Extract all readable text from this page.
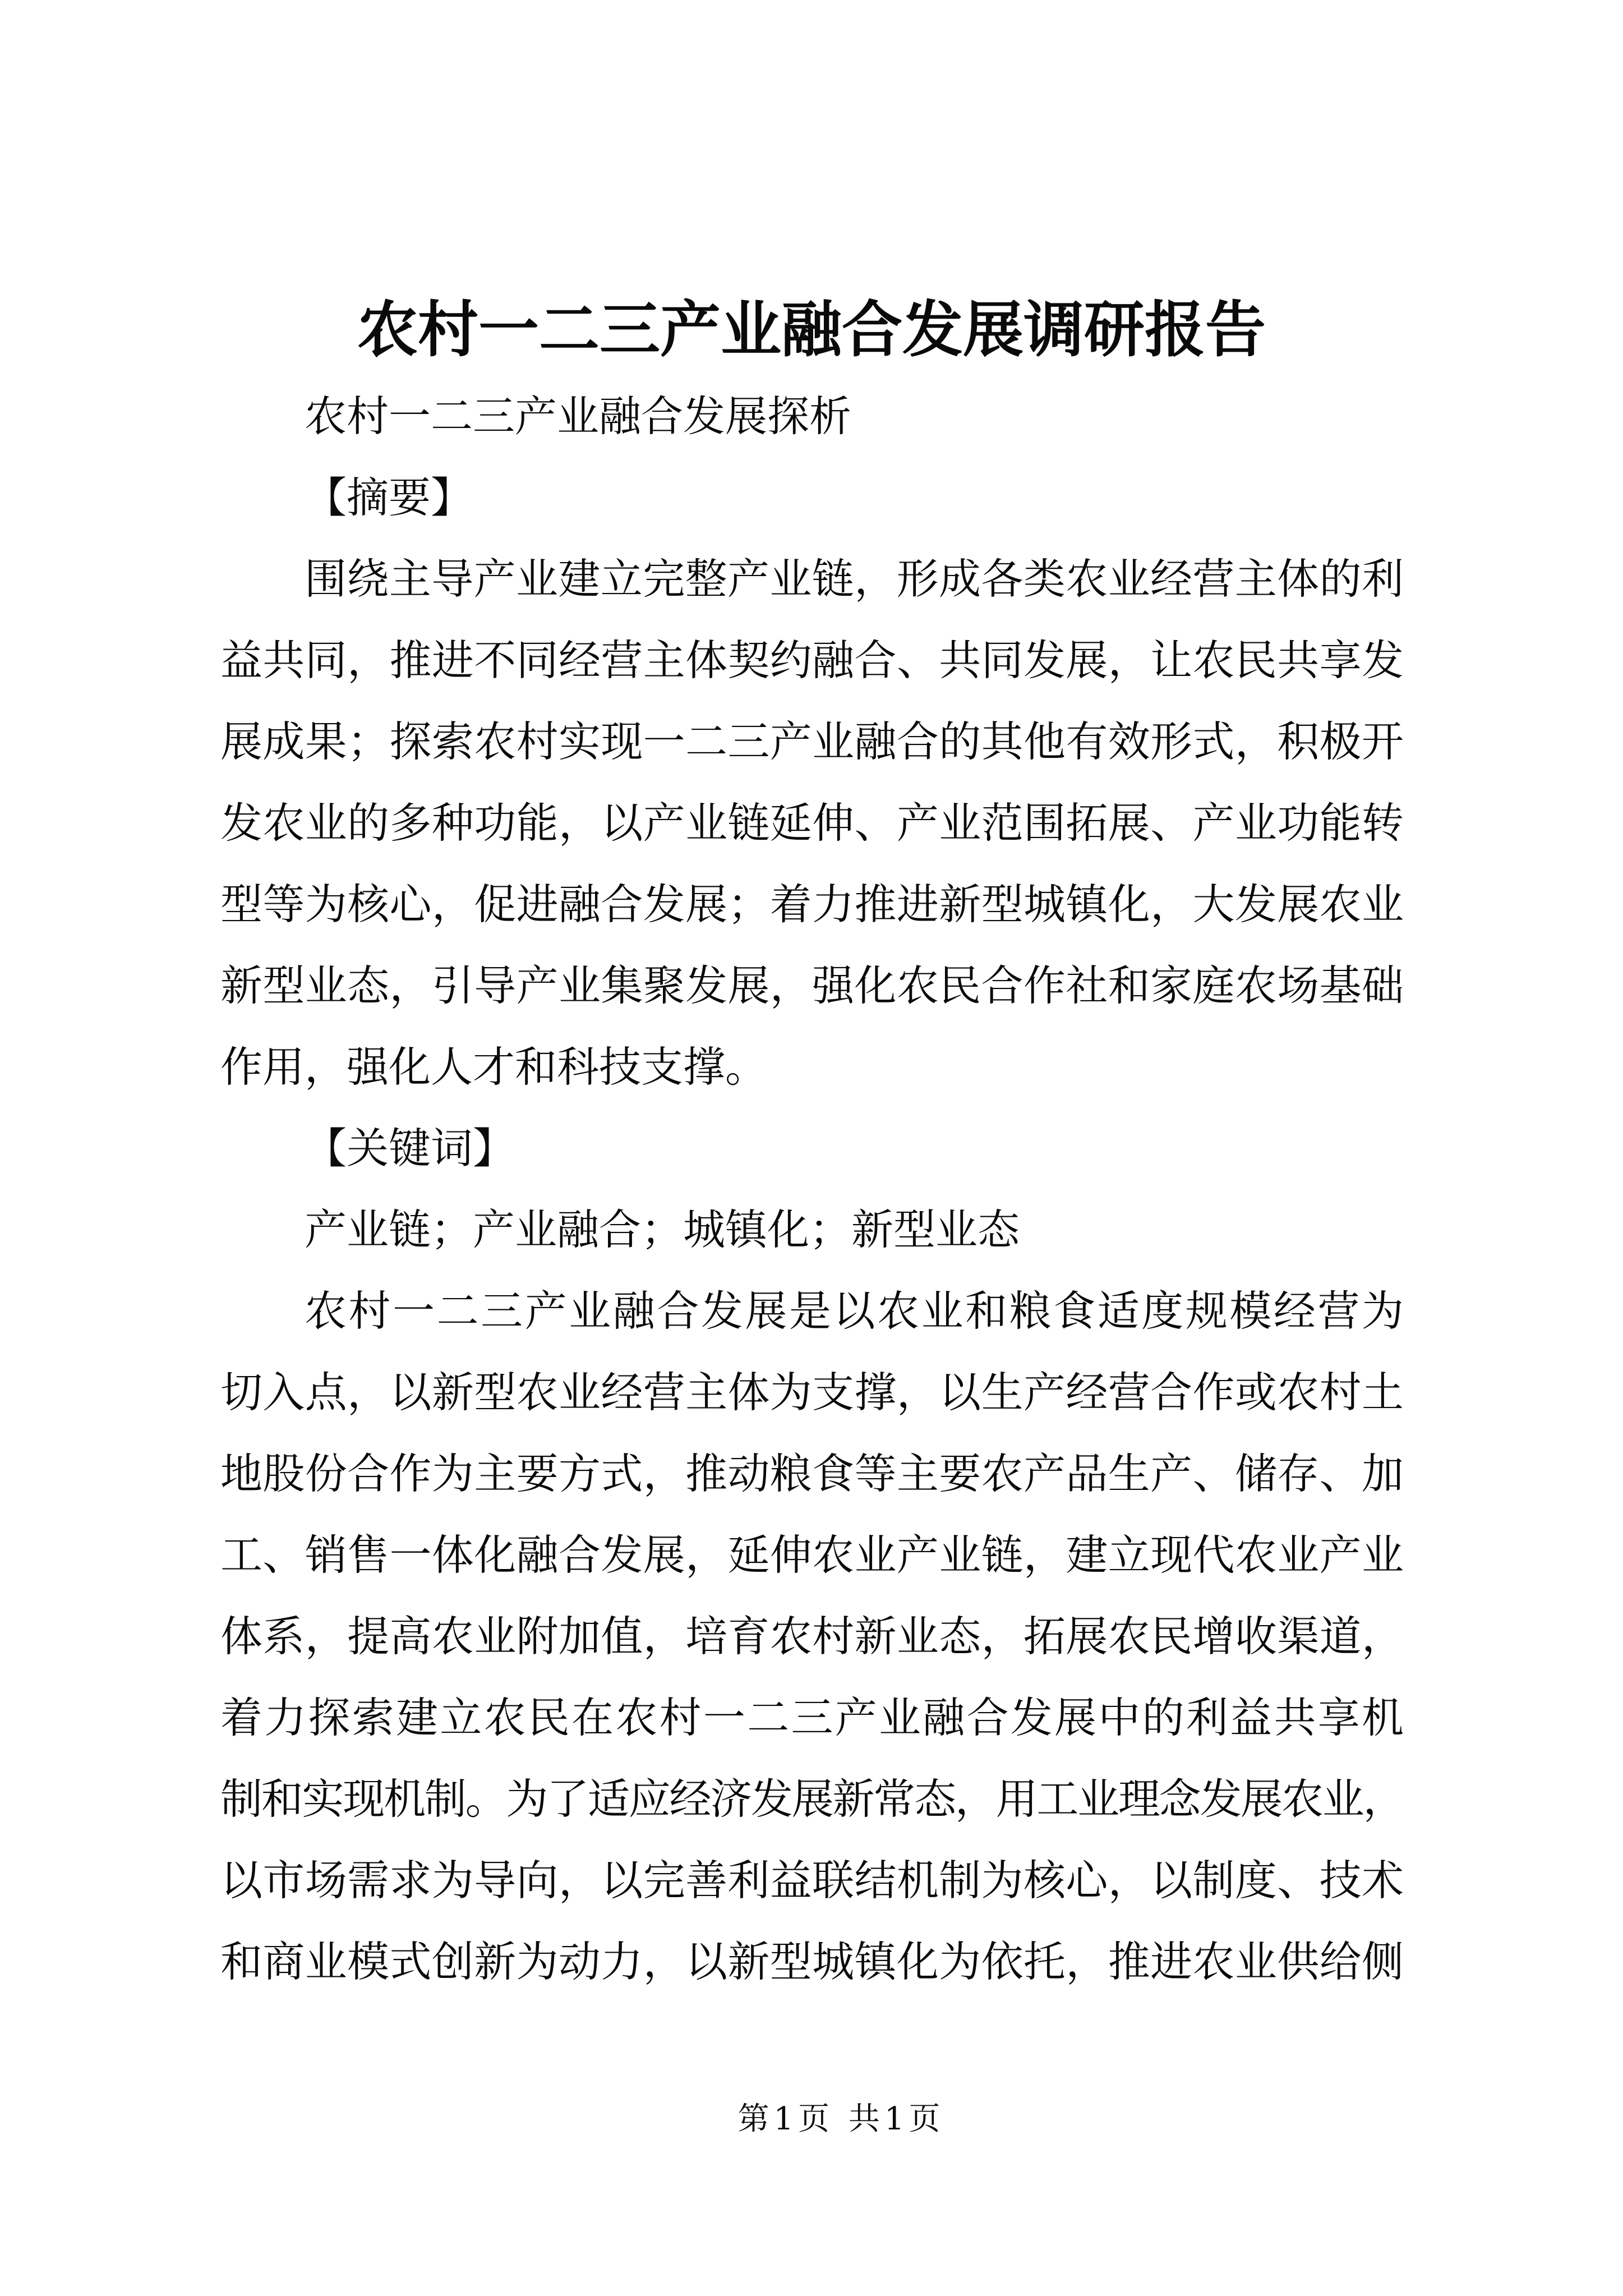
农村一二三产业融合发展调研报告
农村一二三产业融合发展探析
【摘要】
围绕主导产业建立完整产业链，形成各类农业经营主体的利
益共同，推进不同经营主体契约融合、共同发展，让农民共享发
展成果；探索农村实现一二三产业融合的其他有效形式，积极开
发农业的多种功能，以产业链延伸、产业范围拓展、产业功能转
型等为核心，促进融合发展；着力推进新型城镇化，大发展农业
新型业态，引导产业集聚发展，强化农民合作社和家庭农场基础
作用，强化人才和科技支撑。
【关键词】
产业链；产业融合；城镇化；新型业态
农村一二三产业融合发展是以农业和粮食适度规模经营为
切入点，以新型农业经营主体为支撑，以生产经营合作或农村土
地股份合作为主要方式，推动粮食等主要农产品生产、储存、加
工、销售一体化融合发展，延伸农业产业链，建立现代农业产业
体系，提高农业附加值，培育农村新业态，拓展农民增收渠道，
着力探索建立农民在农村一二三产业融合发展中的利益共享机
制和实现机制。为了适应经济发展新常态，用工业理念发展农业，
以市场需求为导向，以完善利益联结机制为核心，以制度、技术
和商业模式创新为动力，以新型城镇化为依托，推进农业供给侧
第1页 共1页
